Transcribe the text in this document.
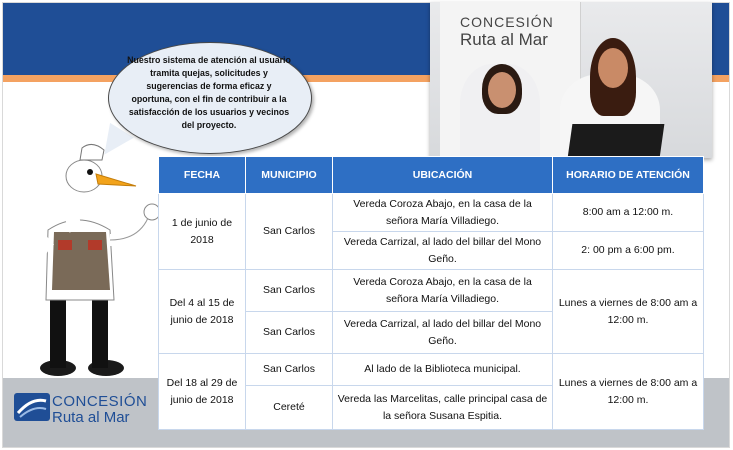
CONCESIÓN
Ruta al Mar
Nuestro sistema de atención al usuario tramita quejas, solicitudes y sugerencias de forma eficaz y oportuna, con el fin de contribuir a la satisfacción de los usuarios y vecinos del proyecto.
CONCESIÓN
Ruta al Mar
FECHA	MUNICIPIO	UBICACIÓN	HORARIO DE ATENCIÓN
1 de junio de 2018	San Carlos	Vereda Coroza Abajo, en la casa de la señora María Villadiego.	8:00 am a 12:00 m.
		Vereda Carrizal, al lado del billar del Mono Geño.	2: 00 pm a 6:00 pm.
Del 4 al 15 de junio de 2018	San Carlos	Vereda Coroza Abajo, en la casa de la señora María Villadiego.	Lunes a viernes de 8:00 am a 12:00 m.
	San Carlos	Vereda Carrizal, al lado del billar del Mono Geño.	
Del 18 al 29 de junio de 2018	San Carlos	Al lado de la Biblioteca municipal.	Lunes a viernes de 8:00 am a 12:00 m.
	Cereté	Vereda las Marcelitas, calle principal casa de la señora Susana Espitia.	
